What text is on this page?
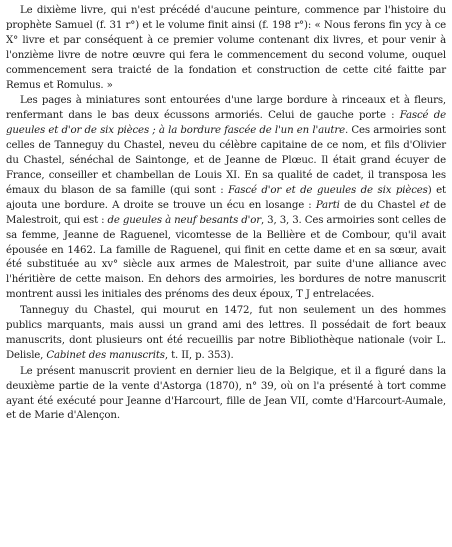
Le dixième livre, qui n'est précédé d'aucune peinture, commence par l'histoire du prophète Samuel (f. 31 r°) et le volume finit ainsi (f. 198 r°): « Nous ferons fin ycy à ce X° livre et par conséquent à ce premier volume contenant dix livres, et pour venir à l'onzième livre de notre œuvre qui fera le commencement du second volume, ouquel commencement sera traicté de la fondation et construction de cette cité faitte par Remus et Romulus. »

Les pages à miniatures sont entourées d'une large bordure à rinceaux et à fleurs, renfermant dans le bas deux écussons armoriés. Celui de gauche porte : Fascé de gueules et d'or de six pièces ; à la bordure fascée de l'un en l'autre. Ces armoiries sont celles de Tanneguy du Chastel, neveu du célèbre capitaine de ce nom, et fils d'Olivier du Chastel, sénéchal de Saintonge, et de Jeanne de Plœuc. Il était grand écuyer de France, conseiller et chambellan de Louis XI. En sa qualité de cadet, il transposa les émaux du blason de sa famille (qui sont : Fascé d'or et de gueules de six pièces) et ajouta une bordure. A droite se trouve un écu en losange : Parti de du Chastel et de Malestroit, qui est : de gueules à neuf besants d'or, 3, 3, 3. Ces armoiries sont celles de sa femme, Jeanne de Raguenel, vicomtesse de la Bellière et de Combour, qu'il avait épousée en 1462. La famille de Raguenel, qui finit en cette dame et en sa sœur, avait été substituée au xv° siècle aux armes de Malestroit, par suite d'une alliance avec l'héritière de cette maison. En dehors des armoiries, les bordures de notre manuscrit montrent aussi les initiales des prénoms des deux époux, T J entrelacées.

Tanneguy du Chastel, qui mourut en 1472, fut non seulement un des hommes publics marquants, mais aussi un grand ami des lettres. Il possédait de fort beaux manuscrits, dont plusieurs ont été recueillis par notre Bibliothèque nationale (voir L. Delisle, Cabinet des manuscrits, t. II, p. 353).

Le présent manuscrit provient en dernier lieu de la Belgique, et il a figuré dans la deuxième partie de la vente d'Astorga (1870), n° 39, où on l'a présenté à tort comme ayant été exécuté pour Jeanne d'Harcourt, fille de Jean VII, comte d'Harcourt-Aumale, et de Marie d'Alençon.
